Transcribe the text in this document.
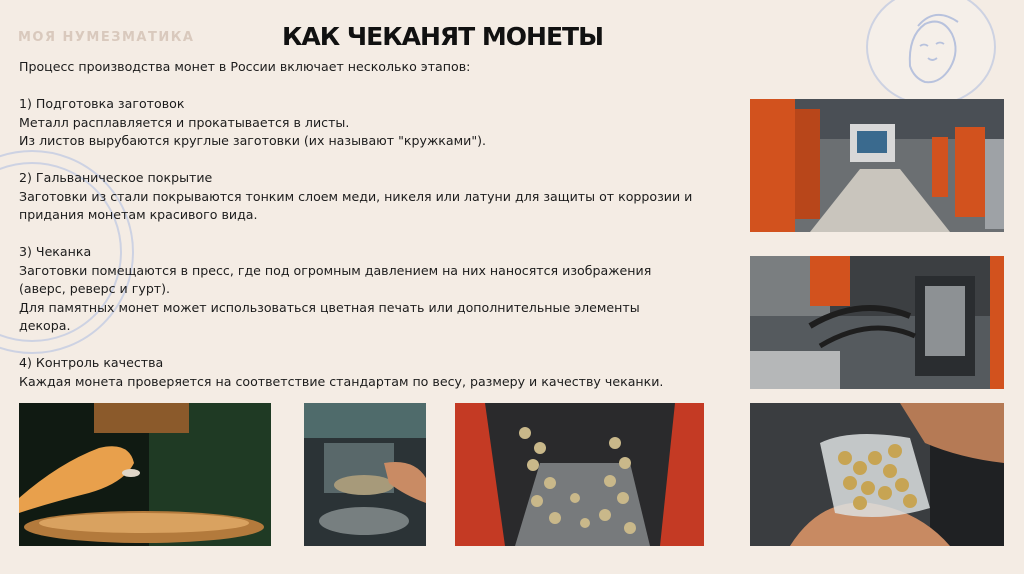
МОЯ НУМЕЗМАТИКА	КАК ЧЕКАНЯТ МОНЕТЫ

Процесс производства монет в России включает несколько этапов:

1) Подготовка заготовок

Металл расплавляется и прокатывается в листы.

Из листов вырубаются круглые заготовки (их называют "кружками").

2) Гальваническое покрытие

Заготовки из стали покрываются тонким слоем меди, никеля или латуни для защиты от коррозии и

придания монетам красивого вида.

3) Чеканка

Заготовки помещаются в пресс, где под огромным давлением на них наносятся изображения

(аверс, реверс и гурт).

Для памятных монет может использоваться цветная печать или дополнительные элементы

декора.

4) Контроль качества

Каждая монета проверяется на соответствие стандартам по весу, размеру и качеству чеканки.
